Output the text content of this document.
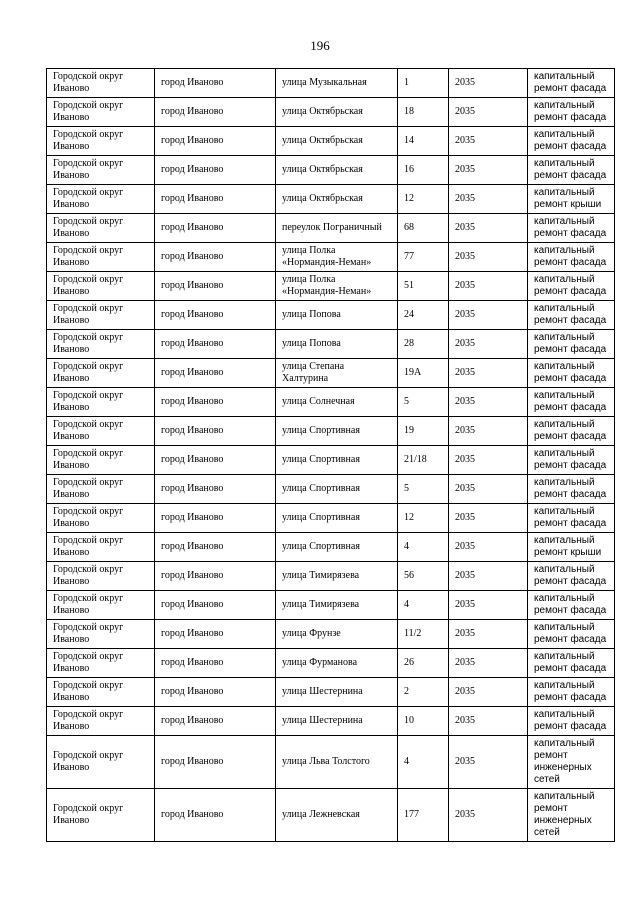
196
Городской округ Иваново	город Иваново	улица Музыкальная	1	2035	капитальный ремонт фасада
Городской округ Иваново	город Иваново	улица Октябрьская	18	2035	капитальный ремонт фасада
Городской округ Иваново	город Иваново	улица Октябрьская	14	2035	капитальный ремонт фасада
Городской округ Иваново	город Иваново	улица Октябрьская	16	2035	капитальный ремонт фасада
Городской округ Иваново	город Иваново	улица Октябрьская	12	2035	капитальный ремонт крыши
Городской округ Иваново	город Иваново	переулок Пограничный	68	2035	капитальный ремонт фасада
Городской округ Иваново	город Иваново	улица Полка «Нормандия-Неман»	77	2035	капитальный ремонт фасада
Городской округ Иваново	город Иваново	улица Полка «Нормандия-Неман»	51	2035	капитальный ремонт фасада
Городской округ Иваново	город Иваново	улица Попова	24	2035	капитальный ремонт фасада
Городской округ Иваново	город Иваново	улица Попова	28	2035	капитальный ремонт фасада
Городской округ Иваново	город Иваново	улица Степана Халтурина	19А	2035	капитальный ремонт фасада
Городской округ Иваново	город Иваново	улица Солнечная	5	2035	капитальный ремонт фасада
Городской округ Иваново	город Иваново	улица Спортивная	19	2035	капитальный ремонт фасада
Городской округ Иваново	город Иваново	улица Спортивная	21/18	2035	капитальный ремонт фасада
Городской округ Иваново	город Иваново	улица Спортивная	5	2035	капитальный ремонт фасада
Городской округ Иваново	город Иваново	улица Спортивная	12	2035	капитальный ремонт фасада
Городской округ Иваново	город Иваново	улица Спортивная	4	2035	капитальный ремонт крыши
Городской округ Иваново	город Иваново	улица Тимирязева	56	2035	капитальный ремонт фасада
Городской округ Иваново	город Иваново	улица Тимирязева	4	2035	капитальный ремонт фасада
Городской округ Иваново	город Иваново	улица Фрунзе	11/2	2035	капитальный ремонт фасада
Городской округ Иваново	город Иваново	улица Фурманова	26	2035	капитальный ремонт фасада
Городской округ Иваново	город Иваново	улица Шестернина	2	2035	капитальный ремонт фасада
Городской округ Иваново	город Иваново	улица Шестернина	10	2035	капитальный ремонт фасада
Городской округ Иваново	город Иваново	улица Льва Толстого	4	2035	капитальный ремонт инженерных сетей
Городской округ Иваново	город Иваново	улица Лежневская	177	2035	капитальный ремонт инженерных сетей
